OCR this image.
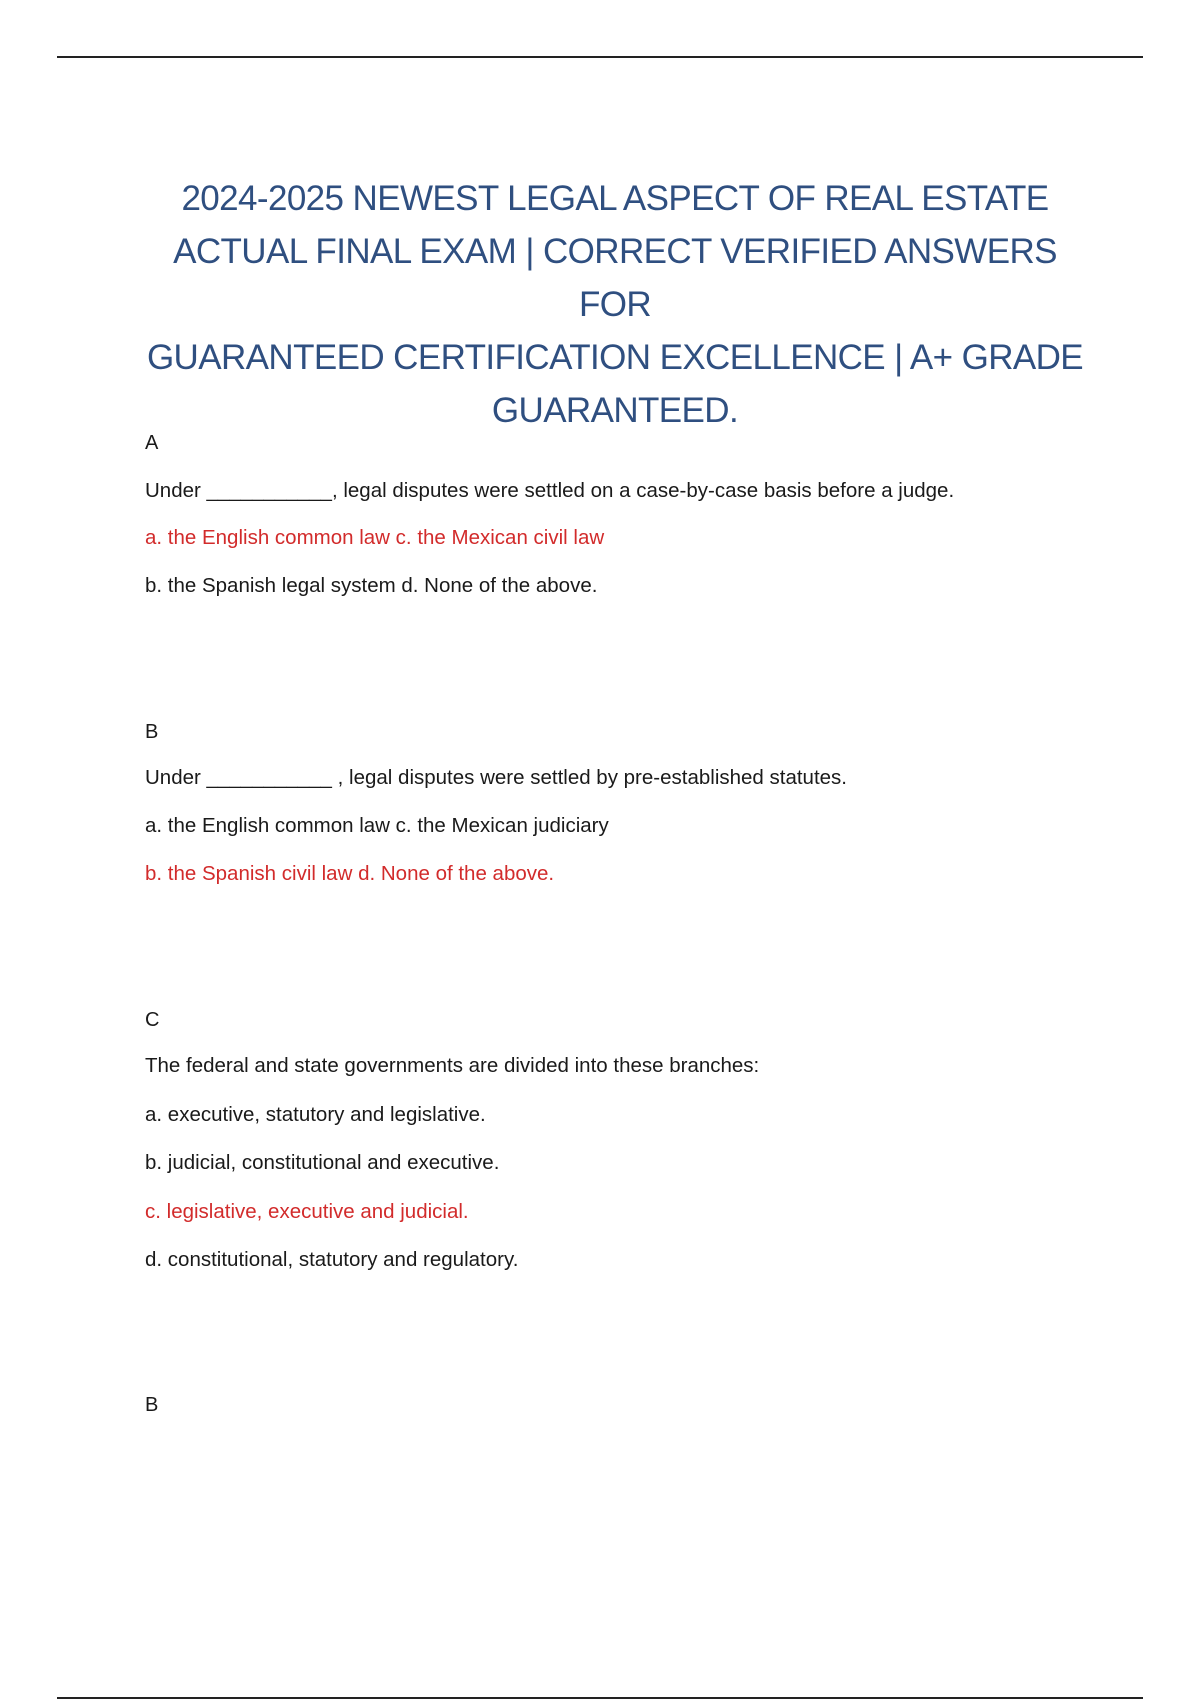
2024-2025 NEWEST LEGAL ASPECT OF REAL ESTATE
ACTUAL FINAL EXAM | CORRECT VERIFIED ANSWERS FOR
GUARANTEED CERTIFICATION EXCELLENCE | A+ GRADE
GUARANTEED.
A
Under ___________, legal disputes were settled on a case-by-case basis before a judge.
a. the English common law c. the Mexican civil law
b. the Spanish legal system d. None of the above.
B
Under ___________ , legal disputes were settled by pre-established statutes.
a. the English common law c. the Mexican judiciary
b. the Spanish civil law d. None of the above.
C
The federal and state governments are divided into these branches:
a. executive, statutory and legislative.
b. judicial, constitutional and executive.
c. legislative, executive and judicial.
d. constitutional, statutory and regulatory.
B
